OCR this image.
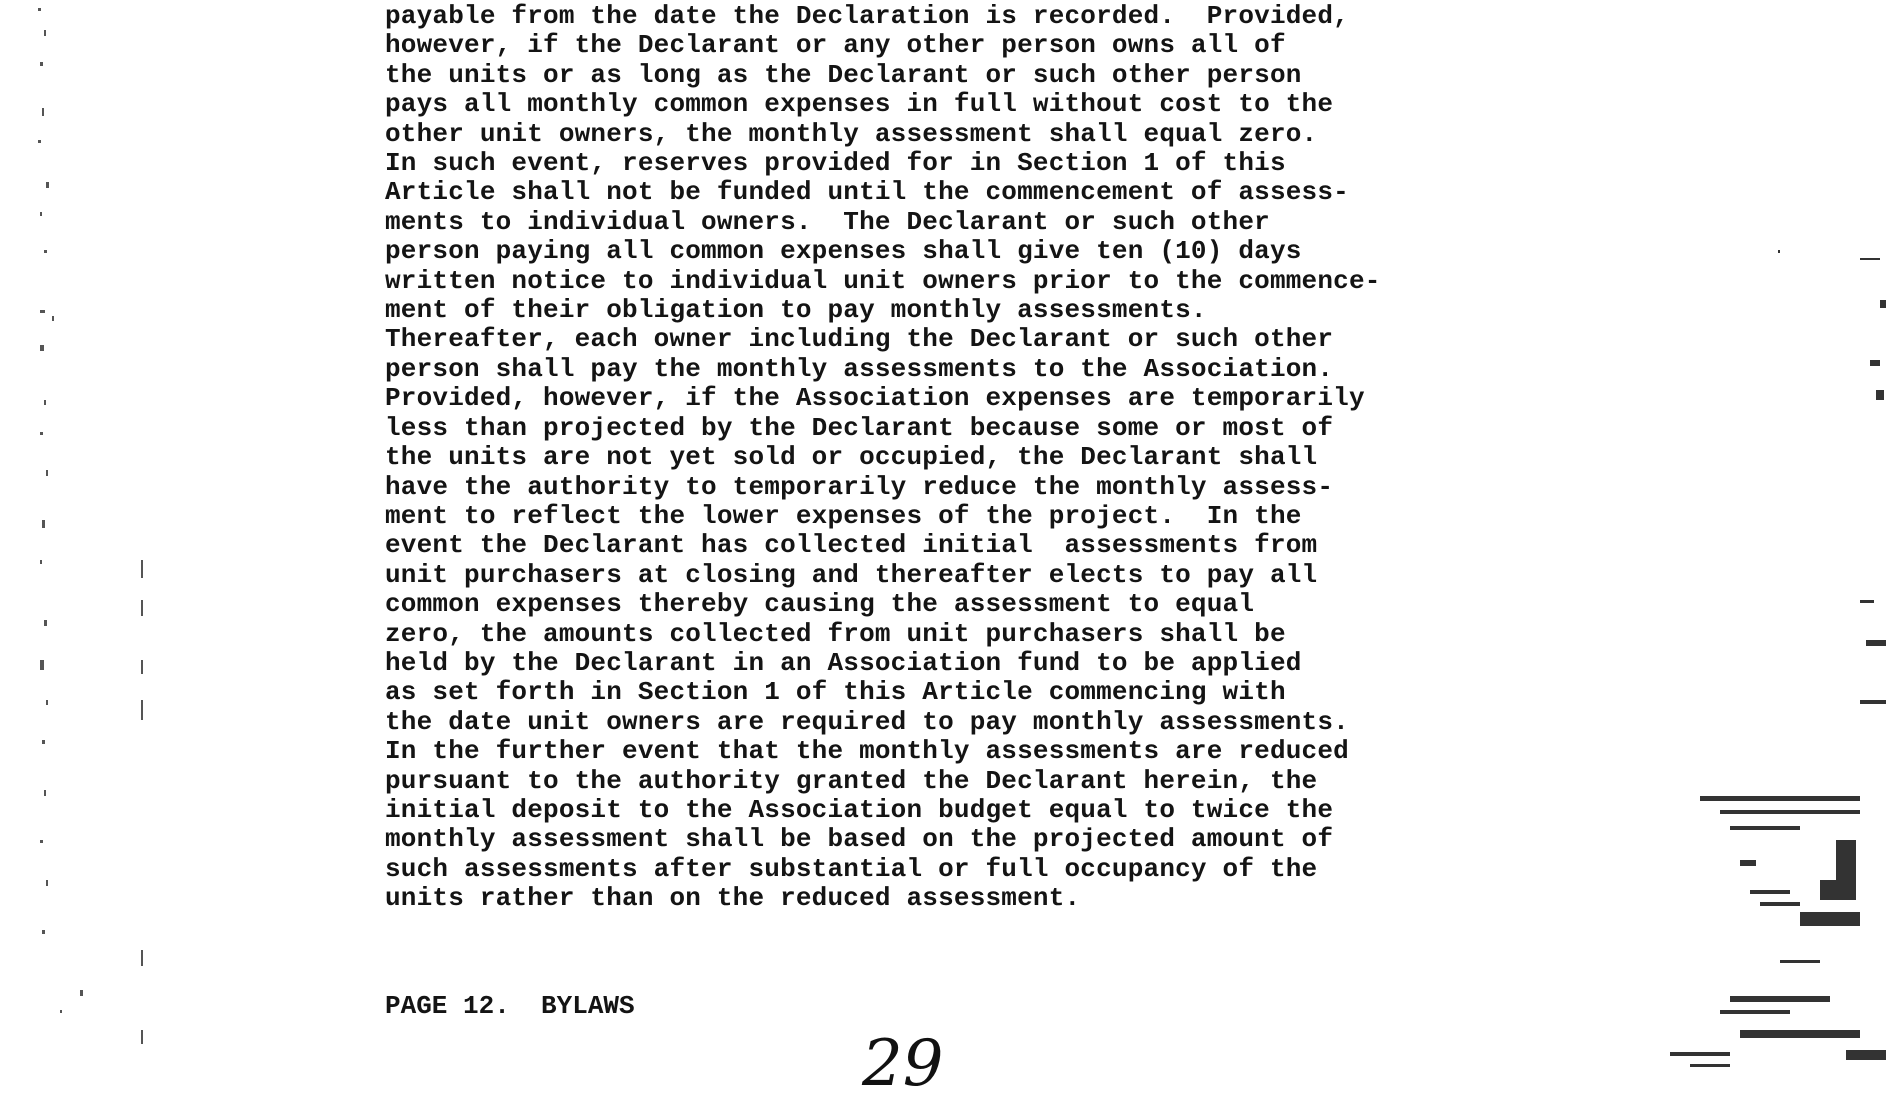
payable from the date the Declaration is recorded.  Provided,
however, if the Declarant or any other person owns all of
the units or as long as the Declarant or such other person
pays all monthly common expenses in full without cost to the
other unit owners, the monthly assessment shall equal zero.
In such event, reserves provided for in Section 1 of this
Article shall not be funded until the commencement of assess-
ments to individual owners.  The Declarant or such other
person paying all common expenses shall give ten (10) days
written notice to individual unit owners prior to the commence-
ment of their obligation to pay monthly assessments.
Thereafter, each owner including the Declarant or such other
person shall pay the monthly assessments to the Association.
Provided, however, if the Association expenses are temporarily
less than projected by the Declarant because some or most of
the units are not yet sold or occupied, the Declarant shall
have the authority to temporarily reduce the monthly assess-
ment to reflect the lower expenses of the project.  In the
event the Declarant has collected initial  assessments from
unit purchasers at closing and thereafter elects to pay all
common expenses thereby causing the assessment to equal
zero, the amounts collected from unit purchasers shall be
held by the Declarant in an Association fund to be applied
as set forth in Section 1 of this Article commencing with
the date unit owners are required to pay monthly assessments.
In the further event that the monthly assessments are reduced
pursuant to the authority granted the Declarant herein, the
initial deposit to the Association budget equal to twice the
monthly assessment shall be based on the projected amount of
such assessments after substantial or full occupancy of the
units rather than on the reduced assessment.
PAGE 12.  BYLAWS
29
